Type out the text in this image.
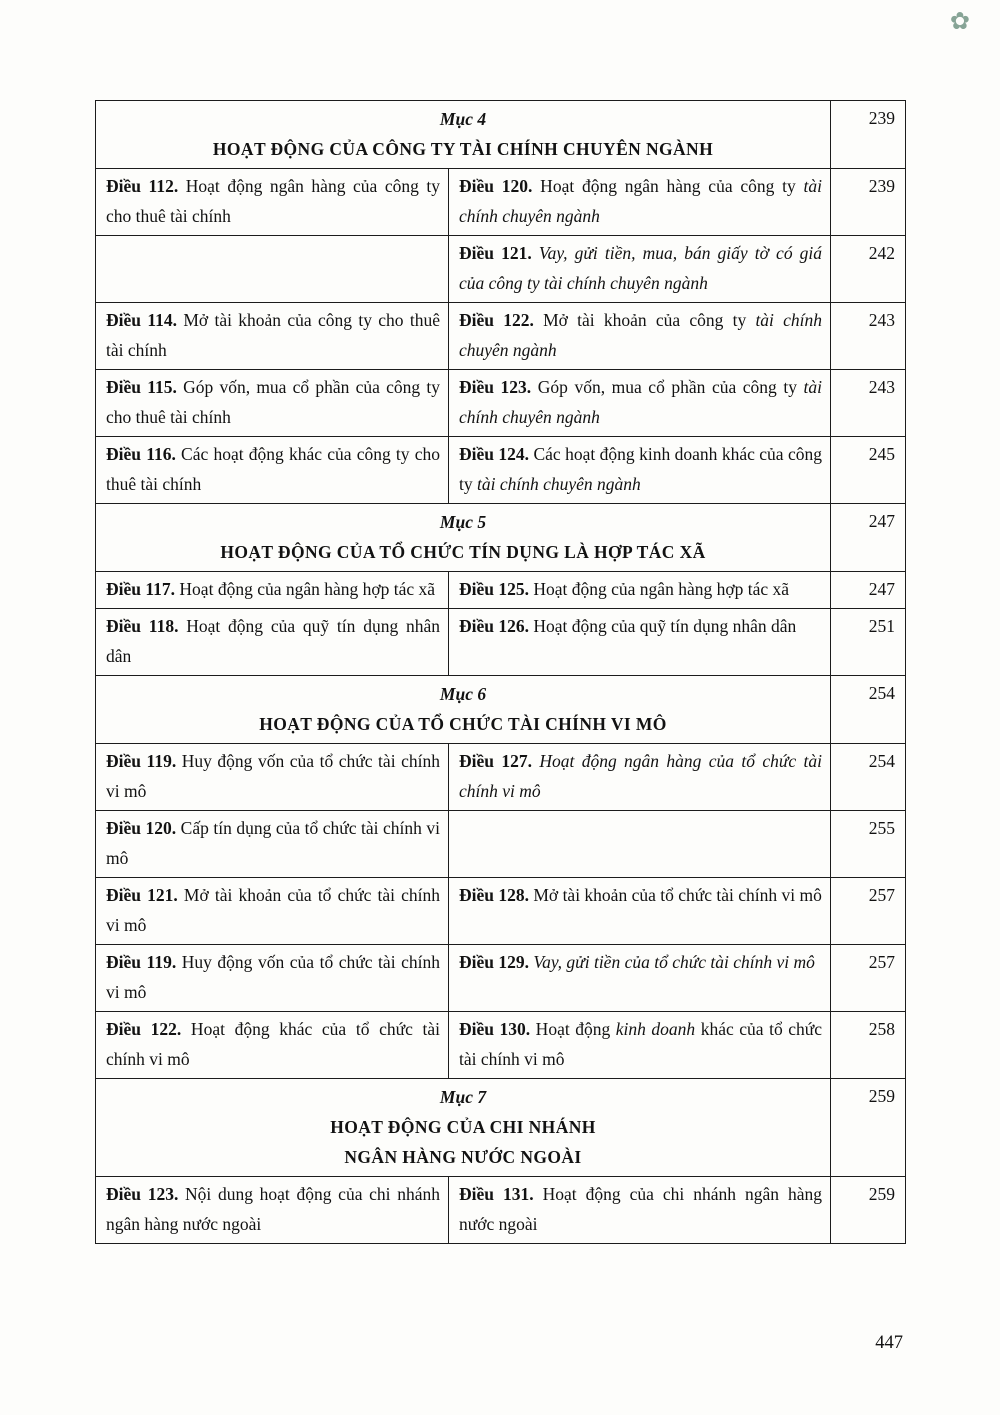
✿
Mục 4
HOẠT ĐỘNG CỦA CÔNG TY TÀI CHÍNH CHUYÊN NGÀNH		239
Điều 112. Hoạt động ngân hàng của công ty cho thuê tài chính	Điều 120. Hoạt động ngân hàng của công ty tài chính chuyên ngành	239
	Điều 121. Vay, gửi tiền, mua, bán giấy tờ có giá của công ty tài chính chuyên ngành	242
Điều 114. Mở tài khoản của công ty cho thuê tài chính	Điều 122. Mở tài khoản của công ty tài chính chuyên ngành	243
Điều 115. Góp vốn, mua cổ phần của công ty cho thuê tài chính	Điều 123. Góp vốn, mua cổ phần của công ty tài chính chuyên ngành	243
Điều 116. Các hoạt động khác của công ty cho thuê tài chính	Điều 124. Các hoạt động kinh doanh khác của công ty tài chính chuyên ngành	245

Mục 5
HOẠT ĐỘNG CỦA TỔ CHỨC TÍN DỤNG LÀ HỢP TÁC XÃ		247
Điều 117. Hoạt động của ngân hàng hợp tác xã	Điều 125. Hoạt động của ngân hàng hợp tác xã	247
Điều 118. Hoạt động của quỹ tín dụng nhân dân	Điều 126. Hoạt động của quỹ tín dụng nhân dân	251

Mục 6
HOẠT ĐỘNG CỦA TỔ CHỨC TÀI CHÍNH VI MÔ		254
Điều 119. Huy động vốn của tổ chức tài chính vi mô	Điều 127. Hoạt động ngân hàng của tổ chức tài chính vi mô	254
Điều 120. Cấp tín dụng của tổ chức tài chính vi mô		255
Điều 121. Mở tài khoản của tổ chức tài chính vi mô	Điều 128. Mở tài khoản của tổ chức tài chính vi mô	257
Điều 119. Huy động vốn của tổ chức tài chính vi mô	Điều 129. Vay, gửi tiền của tổ chức tài chính vi mô	257
Điều 122. Hoạt động khác của tổ chức tài chính vi mô	Điều 130. Hoạt động kinh doanh khác của tổ chức tài chính vi mô	258

Mục 7
HOẠT ĐỘNG CỦA CHI NHÁNH
NGÂN HÀNG NƯỚC NGOÀI		259
Điều 123. Nội dung hoạt động của chi nhánh ngân hàng nước ngoài	Điều 131. Hoạt động của chi nhánh ngân hàng nước ngoài	259
447
